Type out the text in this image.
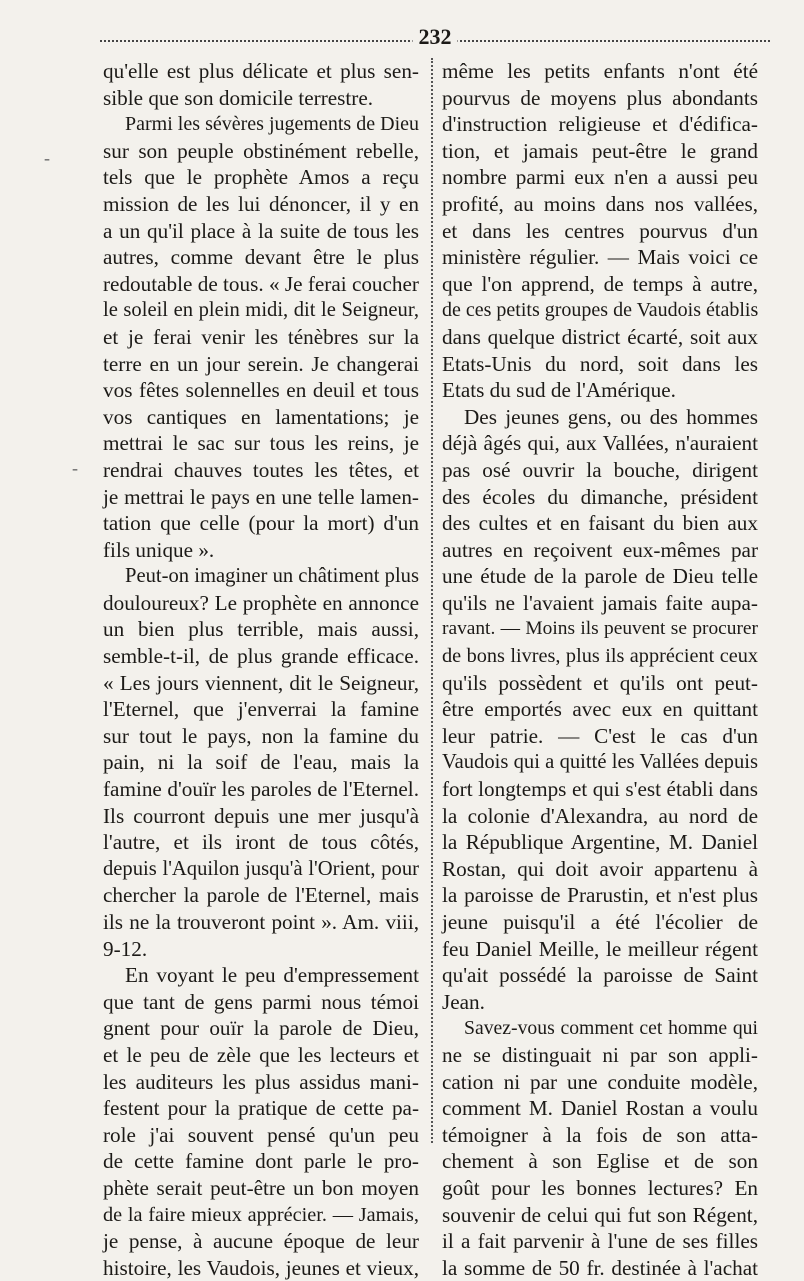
232
qu'elle est plus délicate et plus sen-
sible que son domicile terrestre.
Parmi les sévères jugements de Dieu
sur son peuple obstinément rebelle,
tels que le prophète Amos a reçu
mission de les lui dénoncer, il y en
a un qu'il place à la suite de tous les
autres, comme devant être le plus
redoutable de tous. « Je ferai coucher
le soleil en plein midi, dit le Seigneur,
et je ferai venir les ténèbres sur la
terre en un jour serein. Je changerai
vos fêtes solennelles en deuil et tous
vos cantiques en lamentations; je
mettrai le sac sur tous les reins, je
rendrai chauves toutes les têtes, et
je mettrai le pays en une telle lamen-
tation que celle (pour la mort) d'un
fils unique ».
Peut-on imaginer un châtiment plus
douloureux? Le prophète en annonce
un bien plus terrible, mais aussi,
semble-t-il, de plus grande efficace.
« Les jours viennent, dit le Seigneur,
l'Eternel, que j'enverrai la famine
sur tout le pays, non la famine du
pain, ni la soif de l'eau, mais la
famine d'ouïr les paroles de l'Eternel.
Ils courront depuis une mer jusqu'à
l'autre, et ils iront de tous côtés,
depuis l'Aquilon jusqu'à l'Orient, pour
chercher la parole de l'Eternel, mais
ils ne la trouveront point ». Am. viii,
9-12.
En voyant le peu d'empressement
que tant de gens parmi nous témoi
gnent pour ouïr la parole de Dieu,
et le peu de zèle que les lecteurs et
les auditeurs les plus assidus mani-
festent pour la pratique de cette pa-
role j'ai souvent pensé qu'un peu
de cette famine dont parle le pro-
phète serait peut-être un bon moyen
de la faire mieux apprécier. — Jamais,
je pense, à aucune époque de leur
histoire, les Vaudois, jeunes et vieux,
même les petits enfants n'ont été
pourvus de moyens plus abondants
d'instruction religieuse et d'édifica-
tion, et jamais peut-être le grand
nombre parmi eux n'en a aussi peu
profité, au moins dans nos vallées,
et dans les centres pourvus d'un
ministère régulier. — Mais voici ce
que l'on apprend, de temps à autre,
de ces petits groupes de Vaudois établis
dans quelque district écarté, soit aux
Etats-Unis du nord, soit dans les
Etats du sud de l'Amérique.
Des jeunes gens, ou des hommes
déjà âgés qui, aux Vallées, n'auraient
pas osé ouvrir la bouche, dirigent
des écoles du dimanche, président
des cultes et en faisant du bien aux
autres en reçoivent eux-mêmes par
une étude de la parole de Dieu telle
qu'ils ne l'avaient jamais faite aupa-
ravant. — Moins ils peuvent se procurer
de bons livres, plus ils apprécient ceux
qu'ils possèdent et qu'ils ont peut-
être emportés avec eux en quittant
leur patrie. — C'est le cas d'un
Vaudois qui a quitté les Vallées depuis
fort longtemps et qui s'est établi dans
la colonie d'Alexandra, au nord de
la République Argentine, M. Daniel
Rostan, qui doit avoir appartenu à
la paroisse de Prarustin, et n'est plus
jeune puisqu'il a été l'écolier de
feu Daniel Meille, le meilleur régent
qu'ait possédé la paroisse de Saint
Jean.
Savez-vous comment cet homme qui
ne se distinguait ni par son appli-
cation ni par une conduite modèle,
comment M. Daniel Rostan a voulu
témoigner à la fois de son atta-
chement à son Eglise et de son
goût pour les bonnes lectures? En
souvenir de celui qui fut son Régent,
il a fait parvenir à l'une de ses filles
la somme de 50 fr. destinée à l'achat
-
-
